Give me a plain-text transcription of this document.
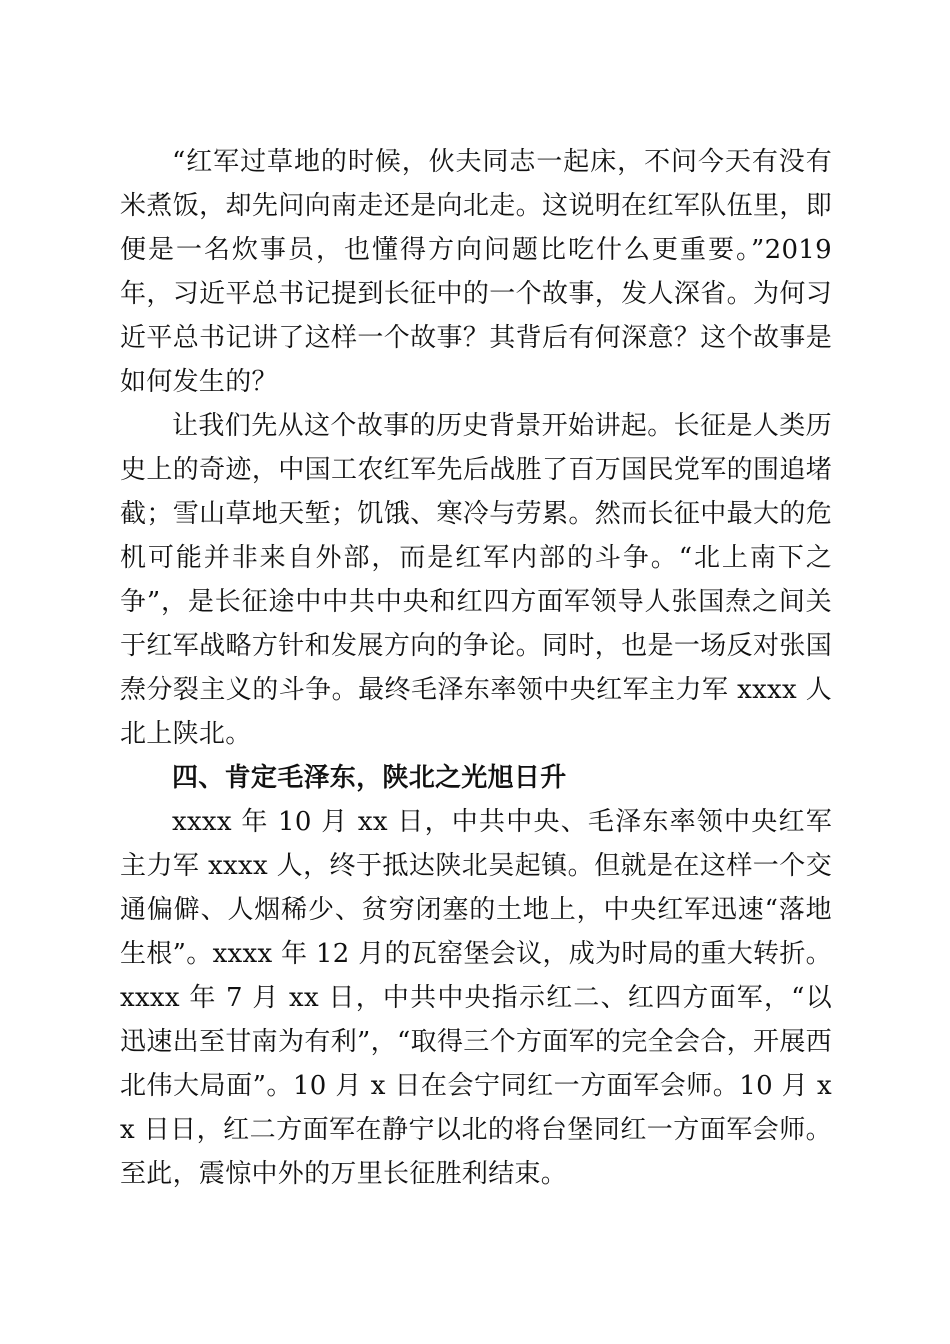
“红军过草地的时候，伙夫同志一起床，不问今天有没有米煮饭，却先问向南走还是向北走。这说明在红军队伍里，即便是一名炊事员，也懂得方向问题比吃什么更重要。”2019 年，习近平总书记提到长征中的一个故事，发人深省。为何习近平总书记讲了这样一个故事？其背后有何深意？这个故事是如何发生的？

让我们先从这个故事的历史背景开始讲起。长征是人类历史上的奇迹，中国工农红军先后战胜了百万国民党军的围追堵截；雪山草地天堑；饥饿、寒冷与劳累。然而长征中最大的危机可能并非来自外部，而是红军内部的斗争。“北上南下之争”，是长征途中中共中央和红四方面军领导人张国焘之间关于红军战略方针和发展方向的争论。同时，也是一场反对张国焘分裂主义的斗争。最终毛泽东率领中央红军主力军 xxxx 人北上陕北。

四、肯定毛泽东，陕北之光旭日升

xxxx 年 10 月 xx 日，中共中央、毛泽东率领中央红军主力军 xxxx 人，终于抵达陕北吴起镇。但就是在这样一个交通偏僻、人烟稀少、贫穷闭塞的土地上，中央红军迅速“落地生根”。xxxx 年 12 月的瓦窑堡会议，成为时局的重大转折。xxxx 年 7 月 xx 日，中共中央指示红二、红四方面军，“以迅速出至甘南为有利”，“取得三个方面军的完全会合，开展西北伟大局面”。10 月 x 日在会宁同红一方面军会师。10 月 xx 日日，红二方面军在静宁以北的将台堡同红一方面军会师。至此，震惊中外的万里长征胜利结束。
